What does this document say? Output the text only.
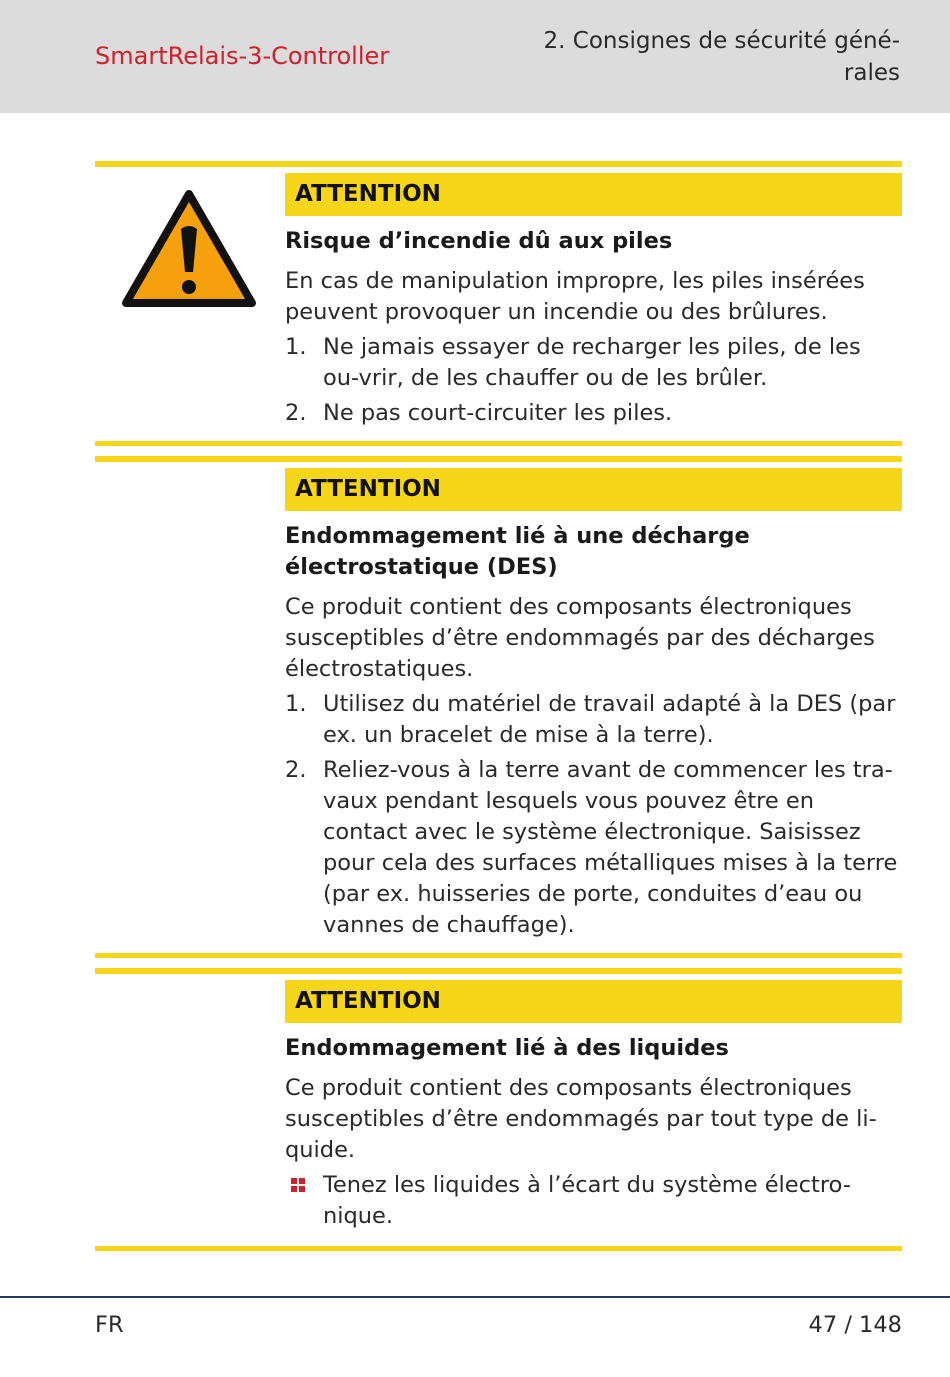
SmartRelais-3-Controller
2. Consignes de sécurité géné-
rales
ATTENTION
Risque d’incendie dû aux piles
En cas de manipulation impropre, les piles insérées peuvent provoquer un incendie ou des brûlures.
1. Ne jamais essayer de recharger les piles, de les ou-vrir, de les chauffer ou de les brûler.
2. Ne pas court-circuiter les piles.
ATTENTION
Endommagement lié à une décharge électrostatique (DES)
Ce produit contient des composants électroniques susceptibles d’être endommagés par des décharges électrostatiques.
1. Utilisez du matériel de travail adapté à la DES (par ex. un bracelet de mise à la terre).
2. Reliez-vous à la terre avant de commencer les tra-vaux pendant lesquels vous pouvez être en contact avec le système électronique. Saisissez pour cela des surfaces métalliques mises à la terre (par ex. huisseries de porte, conduites d’eau ou vannes de chauffage).
ATTENTION
Endommagement lié à des liquides
Ce produit contient des composants électroniques susceptibles d’être endommagés par tout type de li-quide.
Tenez les liquides à l’écart du système électro-nique.
FR	47 / 148
